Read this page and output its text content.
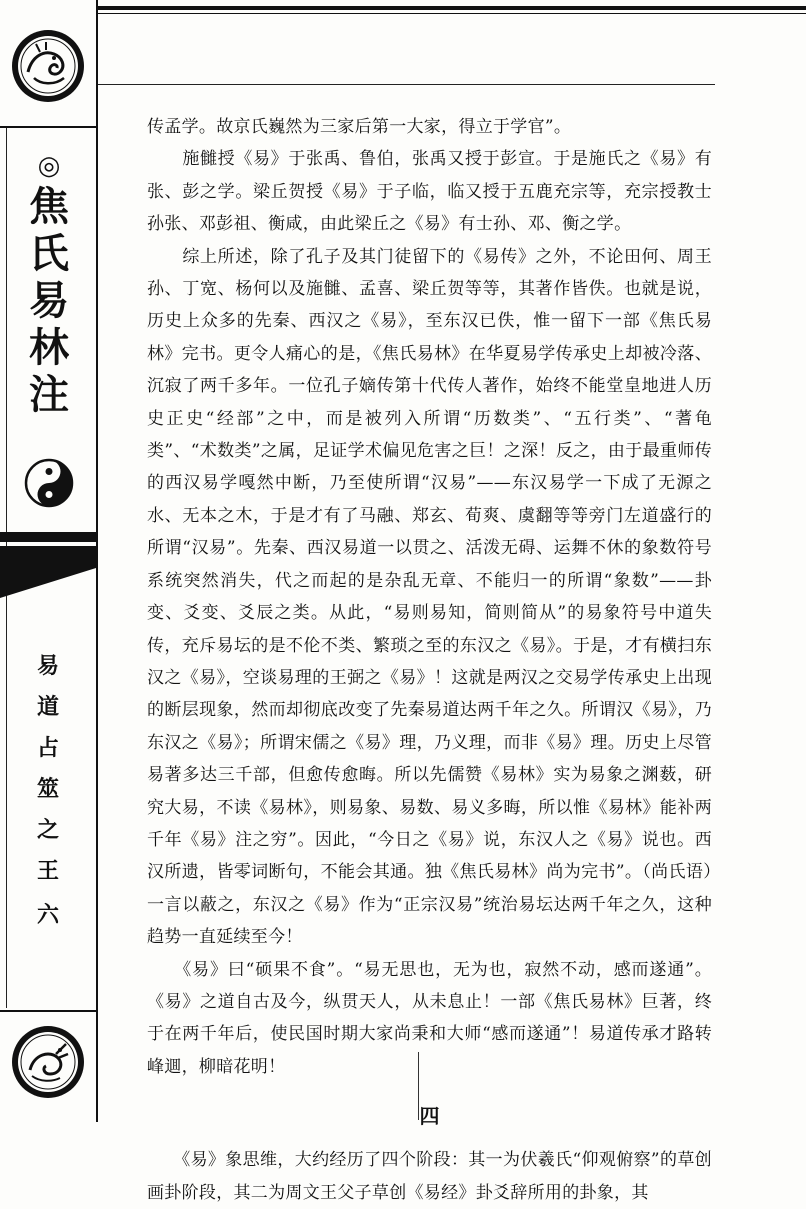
◎
焦氏易林注
易道占筮之王
六

传孟学。故京氏巍然为三家后第一大家，得立于学官”。

　　施雠授《易》于张禹、鲁伯，张禹又授于彭宣。于是施氏之《易》有张、彭之学。梁丘贺授《易》于子临，临又授于五鹿充宗等，充宗授教士孙张、邓彭祖、衡咸，由此梁丘之《易》有士孙、邓、衡之学。

　　综上所述，除了孔子及其门徒留下的《易传》之外，不论田何、周王孙、丁宽、杨何以及施雠、孟喜、梁丘贺等等，其著作皆佚。也就是说，历史上众多的先秦、西汉之《易》，至东汉已佚，惟一留下一部《焦氏易林》完书。更令人痛心的是，《焦氏易林》在华夏易学传承史上却被冷落、沉寂了两千多年。一位孔子嫡传第十代传人著作，始终不能堂皇地进人历史正史“经部”之中，而是被列入所谓“历数类”、“五行类”、“蓍龟类”、“术数类”之属，足证学术偏见危害之巨！之深！反之，由于最重师传的西汉易学嘎然中断，乃至使所谓“汉易”——东汉易学一下成了无源之水、无本之木，于是才有了马融、郑玄、荀爽、虞翻等等旁门左道盛行的所谓“汉易”。先秦、西汉易道一以贯之、活泼无碍、运舞不休的象数符号系统突然消失，代之而起的是杂乱无章、不能归一的所谓“象数”——卦变、爻变、爻辰之类。从此，“易则易知，简则简从”的易象符号中道失传，充斥易坛的是不伦不类、繁琐之至的东汉之《易》。于是，才有横扫东汉之《易》，空谈易理的王弼之《易》！这就是两汉之交易学传承史上出现的断层现象，然而却彻底改变了先秦易道达两千年之久。所谓汉《易》，乃东汉之《易》；所谓宋儒之《易》理，乃义理，而非《易》理。历史上尽管易著多达三千部，但愈传愈晦。所以先儒赞《易林》实为易象之渊薮，研究大易，不读《易林》，则易象、易数、易义多晦，所以惟《易林》能补两千年《易》注之穷”。因此，“今日之《易》说，东汉人之《易》说也。西汉所遗，皆零词断句，不能会其通。独《焦氏易林》尚为完书”。（尚氏语）一言以蔽之，东汉之《易》作为“正宗汉易”统治易坛达两千年之久，这种趋势一直延续至今！

　　《易》曰“硕果不食”。“易无思也，无为也，寂然不动，感而遂通”。《易》之道自古及今，纵贯天人，从未息止！一部《焦氏易林》巨著，终于在两千年后，使民国时期大家尚秉和大师“感而遂通”！易道传承才路转峰逥，柳暗花明！

四

　　《易》象思维，大约经历了四个阶段：其一为伏羲氏“仰观俯察”的草创画卦阶段，其二为周文王父子草创《易经》卦爻辞所用的卦象，其
